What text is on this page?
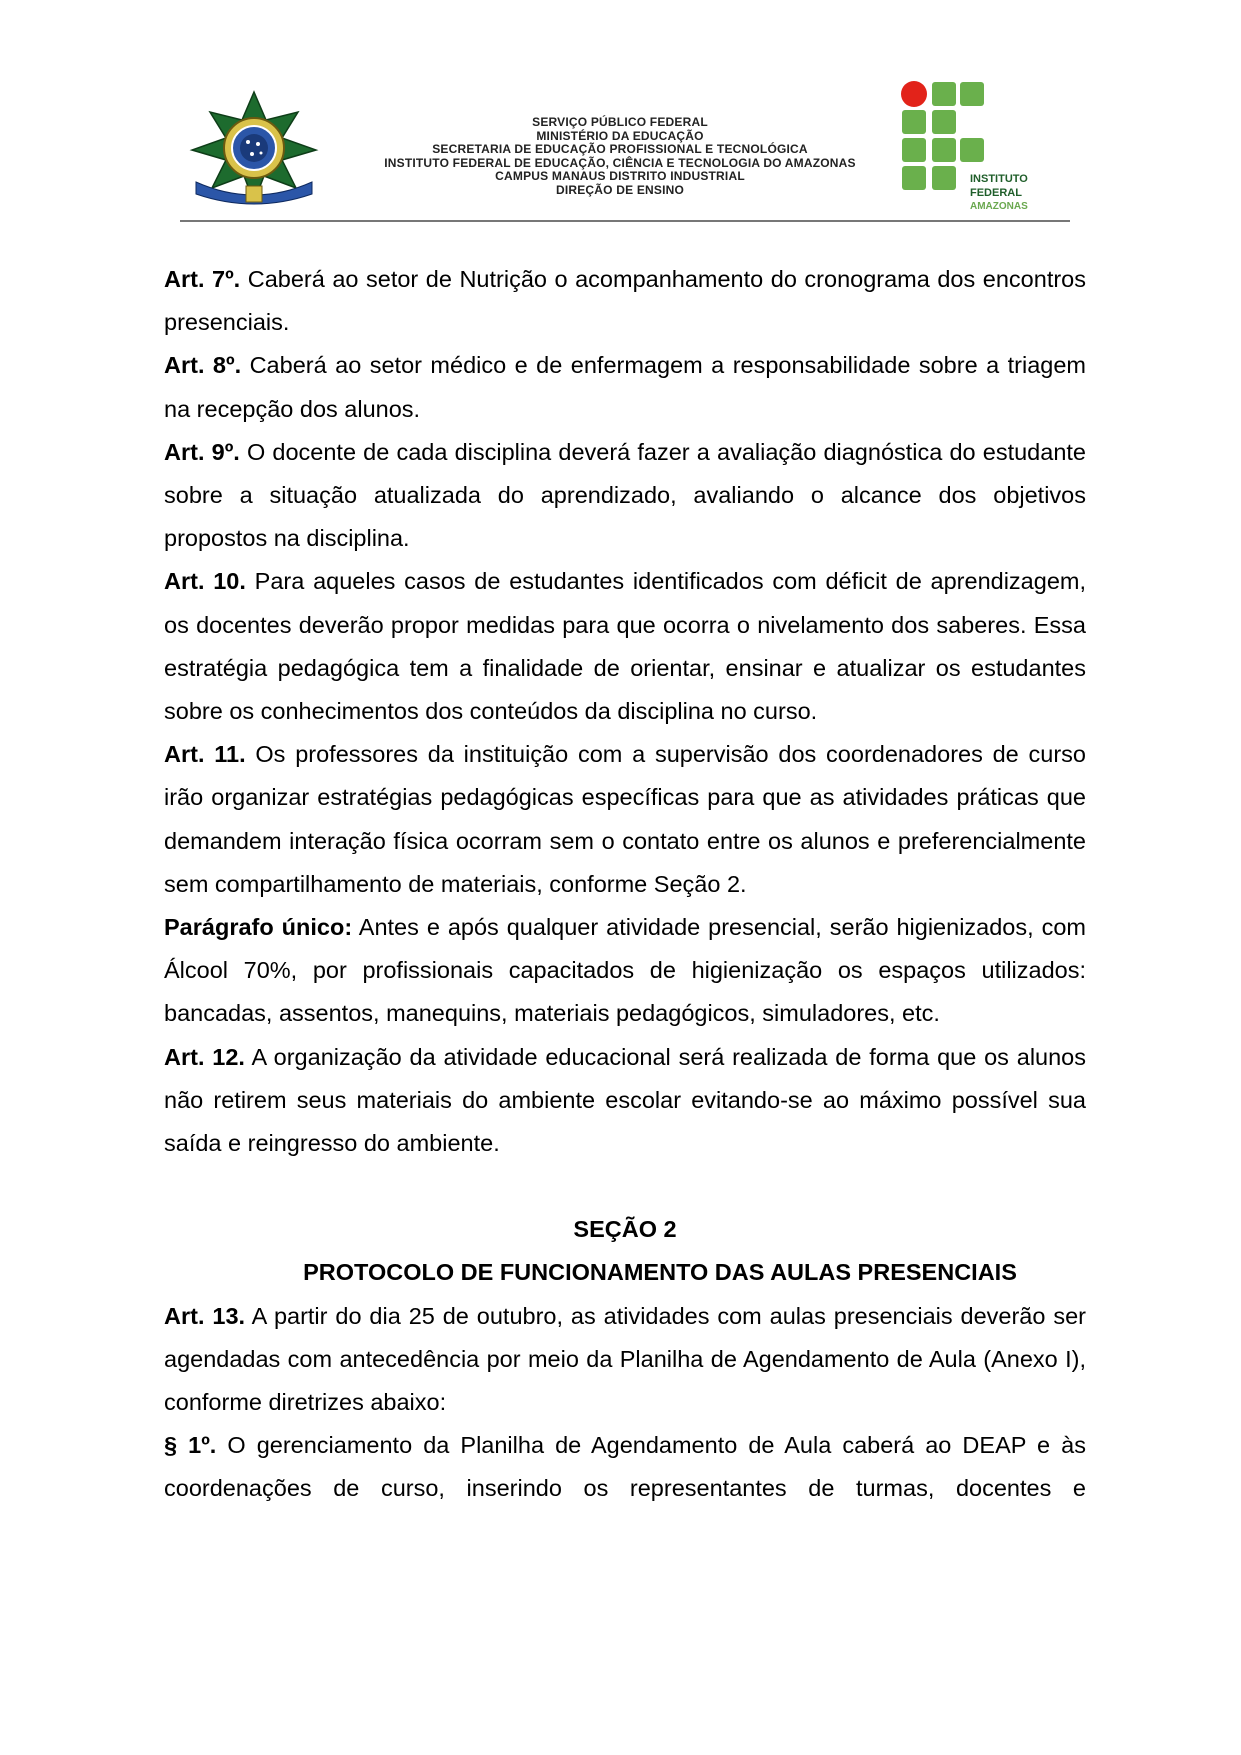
SERVIÇO PÚBLICO FEDERAL
MINISTÉRIO DA EDUCAÇÃO
SECRETARIA DE EDUCAÇÃO PROFISSIONAL E TECNOLÓGICA
INSTITUTO FEDERAL DE EDUCAÇÃO, CIÊNCIA E TECNOLOGIA DO AMAZONAS
CAMPUS MANAUS DISTRITO INDUSTRIAL
DIREÇÃO DE ENSINO
INSTITUTO FEDERAL
AMAZONAS

Art. 7º. Caberá ao setor de Nutrição o acompanhamento do cronograma dos encontros presenciais.

Art. 8º. Caberá ao setor médico e de enfermagem a responsabilidade sobre a triagem na recepção dos alunos.

Art. 9º. O docente de cada disciplina deverá fazer a avaliação diagnóstica do estudante sobre a situação atualizada do aprendizado, avaliando o alcance dos objetivos propostos na disciplina.

Art. 10. Para aqueles casos de estudantes identificados com déficit de aprendizagem, os docentes deverão propor medidas para que ocorra o nivelamento dos saberes. Essa estratégia pedagógica tem a finalidade de orientar, ensinar e atualizar os estudantes sobre os conhecimentos dos conteúdos da disciplina no curso.

Art. 11. Os professores da instituição com a supervisão dos coordenadores de curso irão organizar estratégias pedagógicas específicas para que as atividades práticas que demandem interação física ocorram sem o contato entre os alunos e preferencialmente sem compartilhamento de materiais, conforme Seção 2.

Parágrafo único: Antes e após qualquer atividade presencial, serão higienizados, com Álcool 70%, por profissionais capacitados de higienização os espaços utilizados: bancadas, assentos, manequins, materiais pedagógicos, simuladores, etc.

Art. 12. A organização da atividade educacional será realizada de forma que os alunos não retirem seus materiais do ambiente escolar evitando-se ao máximo possível sua saída e reingresso do ambiente.

SEÇÃO 2

PROTOCOLO DE FUNCIONAMENTO DAS AULAS PRESENCIAIS

Art. 13. A partir do dia 25 de outubro, as atividades com aulas presenciais deverão ser agendadas com antecedência por meio da Planilha de Agendamento de Aula (Anexo I), conforme diretrizes abaixo:

§ 1º. O gerenciamento da Planilha de Agendamento de Aula caberá ao DEAP e às coordenações de curso, inserindo os representantes de turmas, docentes e
